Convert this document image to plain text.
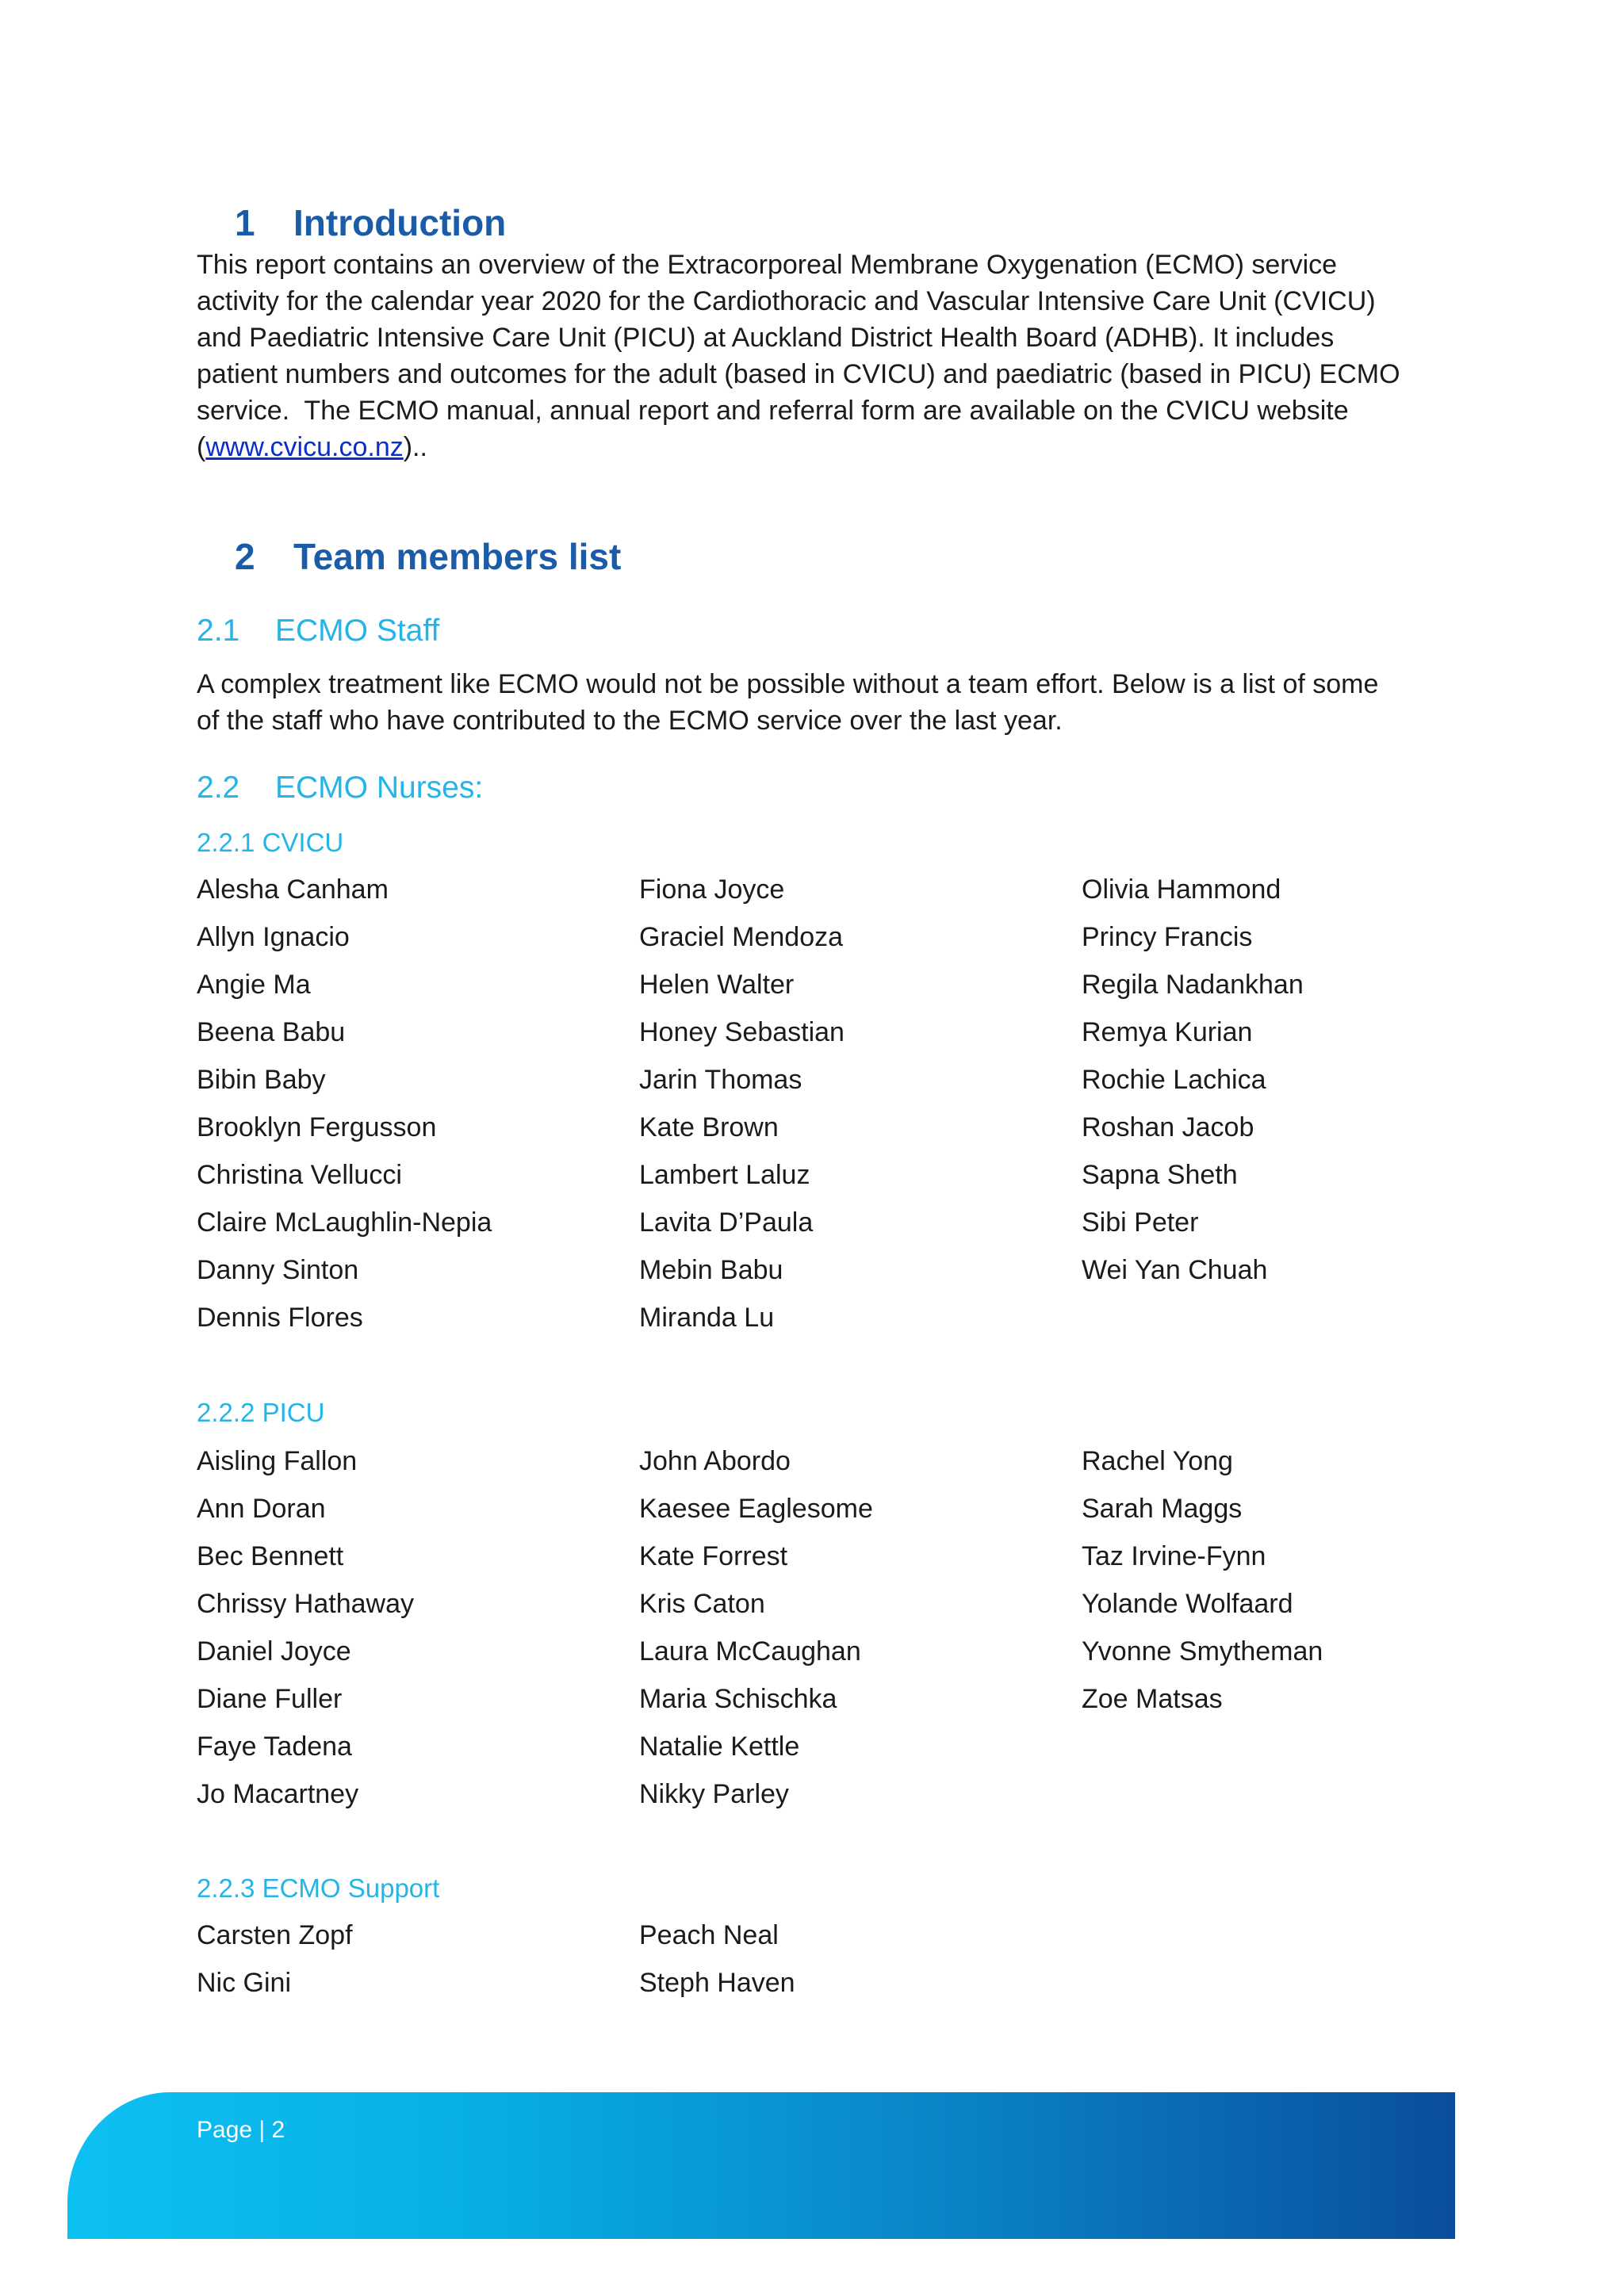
1 Introduction
This report contains an overview of the Extracorporeal Membrane Oxygenation (ECMO) service
activity for the calendar year 2020 for the Cardiothoracic and Vascular Intensive Care Unit (CVICU)
and Paediatric Intensive Care Unit (PICU) at Auckland District Health Board (ADHB). It includes
patient numbers and outcomes for the adult (based in CVICU) and paediatric (based in PICU) ECMO
service.  The ECMO manual, annual report and referral form are available on the CVICU website
(www.cvicu.co.nz)..
2 Team members list
2.1 ECMO Staff
A complex treatment like ECMO would not be possible without a team effort. Below is a list of some
of the staff who have contributed to the ECMO service over the last year.
2.2 ECMO Nurses:
2.2.1 CVICU
Alesha Canham
Allyn Ignacio
Angie Ma
Beena Babu
Bibin Baby
Brooklyn Fergusson
Christina Vellucci
Claire McLaughlin-Nepia
Danny Sinton
Dennis Flores
Fiona Joyce
Graciel Mendoza
Helen Walter
Honey Sebastian
Jarin Thomas
Kate Brown
Lambert Laluz
Lavita D’Paula
Mebin Babu
Miranda Lu
Olivia Hammond
Princy Francis
Regila Nadankhan
Remya Kurian
Rochie Lachica
Roshan Jacob
Sapna Sheth
Sibi Peter
Wei Yan Chuah
2.2.2 PICU
Aisling Fallon
Ann Doran
Bec Bennett
Chrissy Hathaway
Daniel Joyce
Diane Fuller
Faye Tadena
Jo Macartney
John Abordo
Kaesee Eaglesome
Kate Forrest
Kris Caton
Laura McCaughan
Maria Schischka
Natalie Kettle
Nikky Parley
Rachel Yong
Sarah Maggs
Taz Irvine-Fynn
Yolande Wolfaard
Yvonne Smytheman
Zoe Matsas
2.2.3 ECMO Support
Carsten Zopf
Nic Gini
Peach Neal
Steph Haven
Page | 2
